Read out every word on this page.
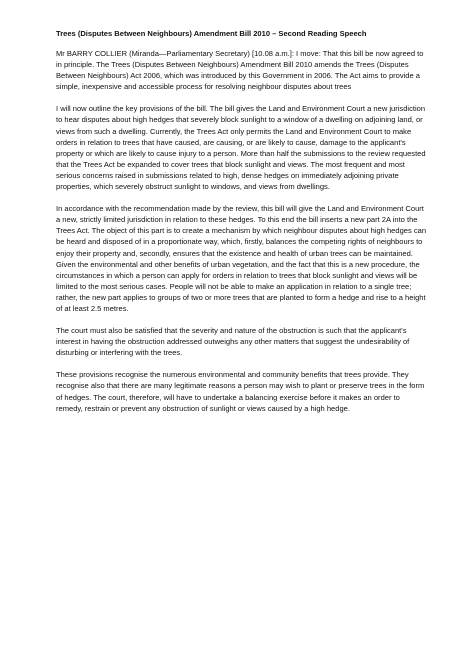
Trees (Disputes Between Neighbours) Amendment Bill 2010 – Second Reading Speech

Mr BARRY COLLIER (Miranda—Parliamentary Secretary) [10.08 a.m.]: I move: That this bill be now agreed to in principle. The Trees (Disputes Between Neighbours) Amendment Bill 2010 amends the Trees (Disputes Between Neighbours) Act 2006, which was introduced by this Government in 2006. The Act aims to provide a simple, inexpensive and accessible process for resolving neighbour disputes about trees

I will now outline the key provisions of the bill. The bill gives the Land and Environment Court a new jurisdiction to hear disputes about high hedges that severely block sunlight to a window of a dwelling on adjoining land, or views from such a dwelling. Currently, the Trees Act only permits the Land and Environment Court to make orders in relation to trees that have caused, are causing, or are likely to cause, damage to the applicant's property or which are likely to cause injury to a person. More than half the submissions to the review requested that the Trees Act be expanded to cover trees that block sunlight and views. The most frequent and most serious concerns raised in submissions related to high, dense hedges on immediately adjoining private properties, which severely obstruct sunlight to windows, and views from dwellings.

In accordance with the recommendation made by the review, this bill will give the Land and Environment Court a new, strictly limited jurisdiction in relation to these hedges. To this end the bill inserts a new part 2A into the Trees Act. The object of this part is to create a mechanism by which neighbour disputes about high hedges can be heard and disposed of in a proportionate way, which, firstly, balances the competing rights of neighbours to enjoy their property and, secondly, ensures that the existence and health of urban trees can be maintained. Given the environmental and other benefits of urban vegetation, and the fact that this is a new procedure, the circumstances in which a person can apply for orders in relation to trees that block sunlight and views will be limited to the most serious cases. People will not be able to make an application in relation to a single tree; rather, the new part applies to groups of two or more trees that are planted to form a hedge and rise to a height of at least 2.5 metres.

The court must also be satisfied that the severity and nature of the obstruction is such that the applicant's interest in having the obstruction addressed outweighs any other matters that suggest the undesirability of disturbing or interfering with the trees.

These provisions recognise the numerous environmental and community benefits that trees provide. They recognise also that there are many legitimate reasons a person may wish to plant or preserve trees in the form of hedges. The court, therefore, will have to undertake a balancing exercise before it makes an order to remedy, restrain or prevent any obstruction of sunlight or views caused by a high hedge.
